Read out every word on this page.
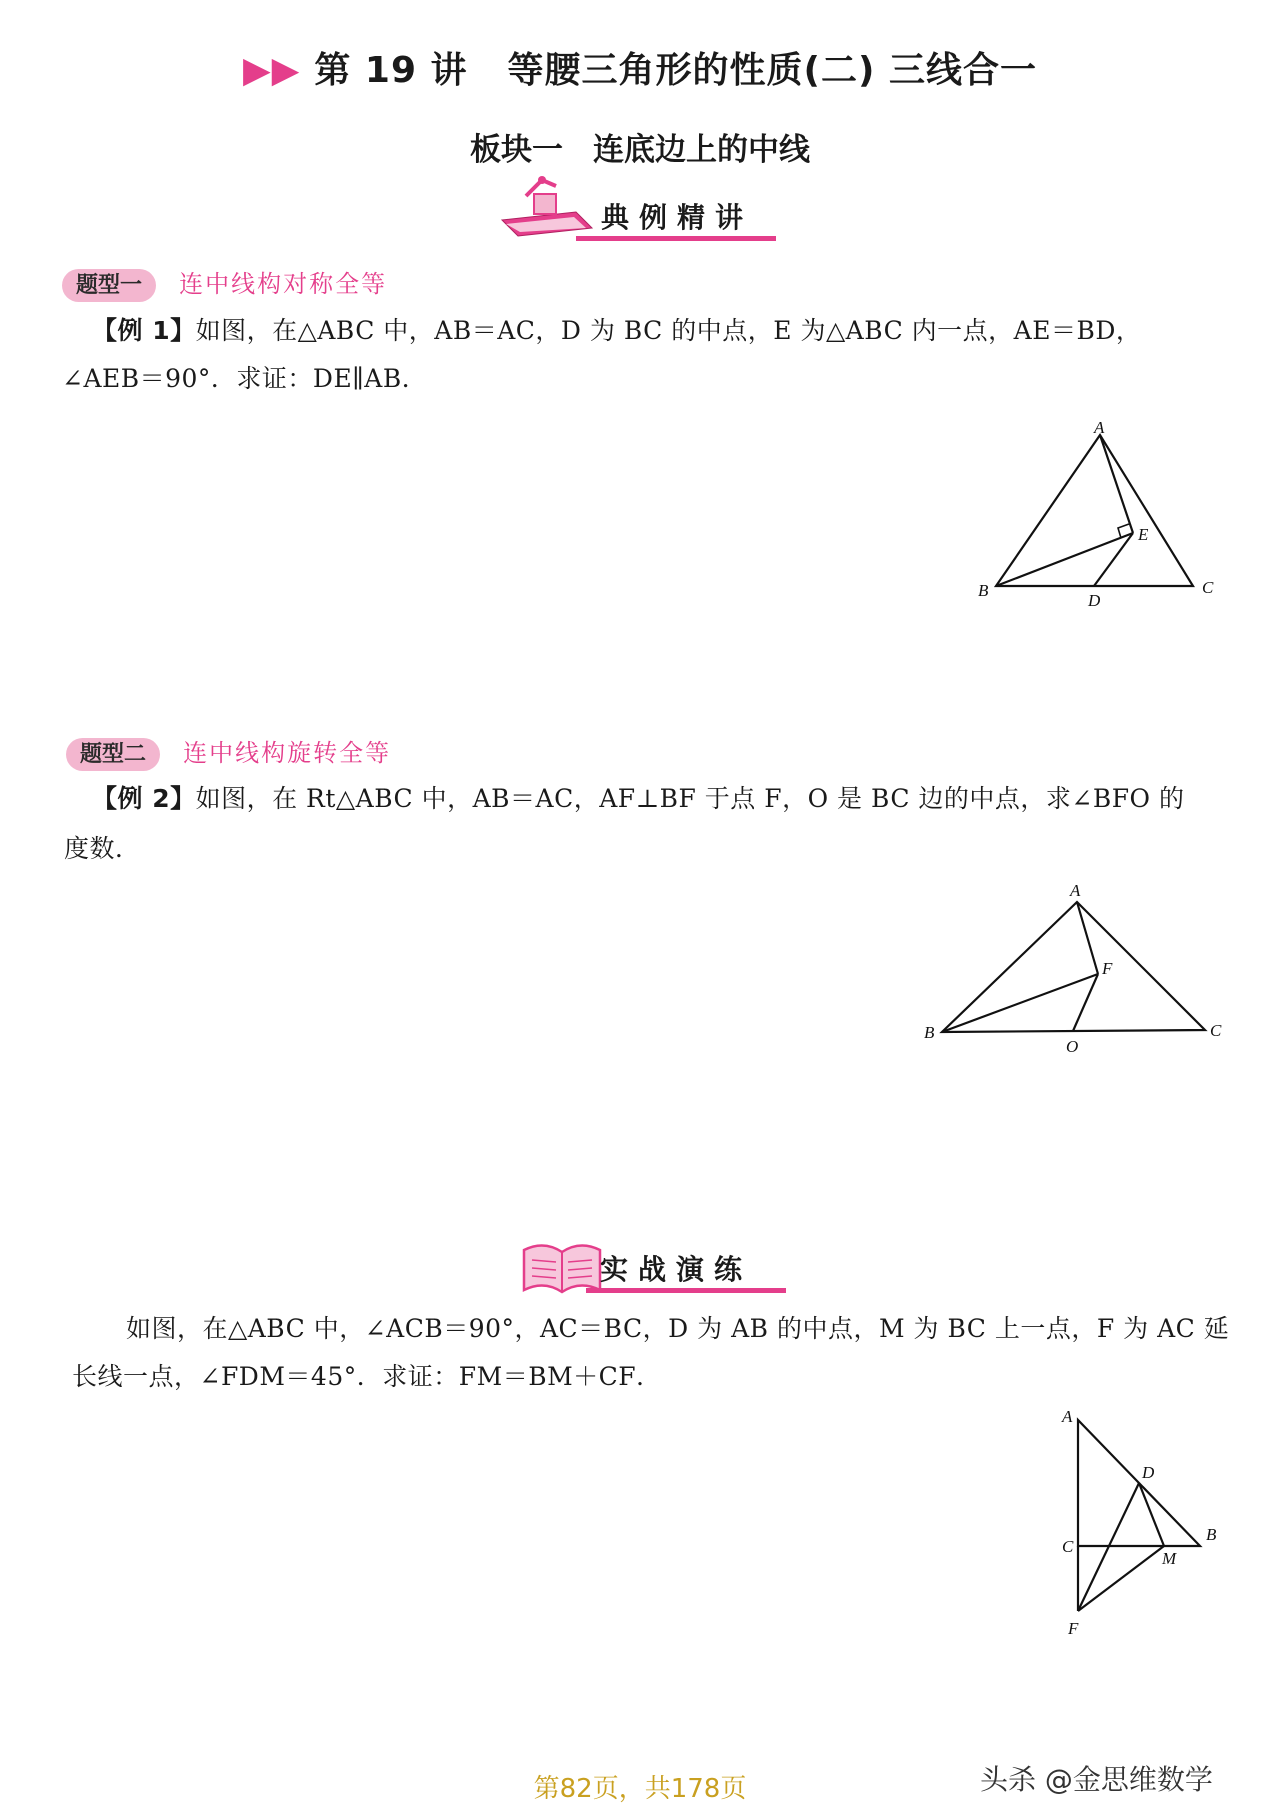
▶▶ 第 19 讲 等腰三角形的性质(二) 三线合一
板块一 连底边上的中线
典例精讲
题型一 连中线构对称全等
【例 1】如图，在△ABC 中，AB＝AC，D 为 BC 的中点，E 为△ABC 内一点，AE＝BD，
∠AEB＝90°．求证：DE∥AB．
A
B	C
D
E
题型二 连中线构旋转全等
【例 2】如图，在 Rt△ABC 中，AB＝AC，AF⊥BF 于点 F，O 是 BC 边的中点，求∠BFO 的
度数．
A
B	C
F
O
实战演练
如图，在△ABC 中，∠ACB＝90°，AC＝BC，D 为 AB 的中点，M 为 BC 上一点，F 为 AC 延
长线一点，∠FDM＝45°．求证：FM＝BM＋CF．
A
D
C
B
M
F
第82页，共178页	头杀 @金思维数学
